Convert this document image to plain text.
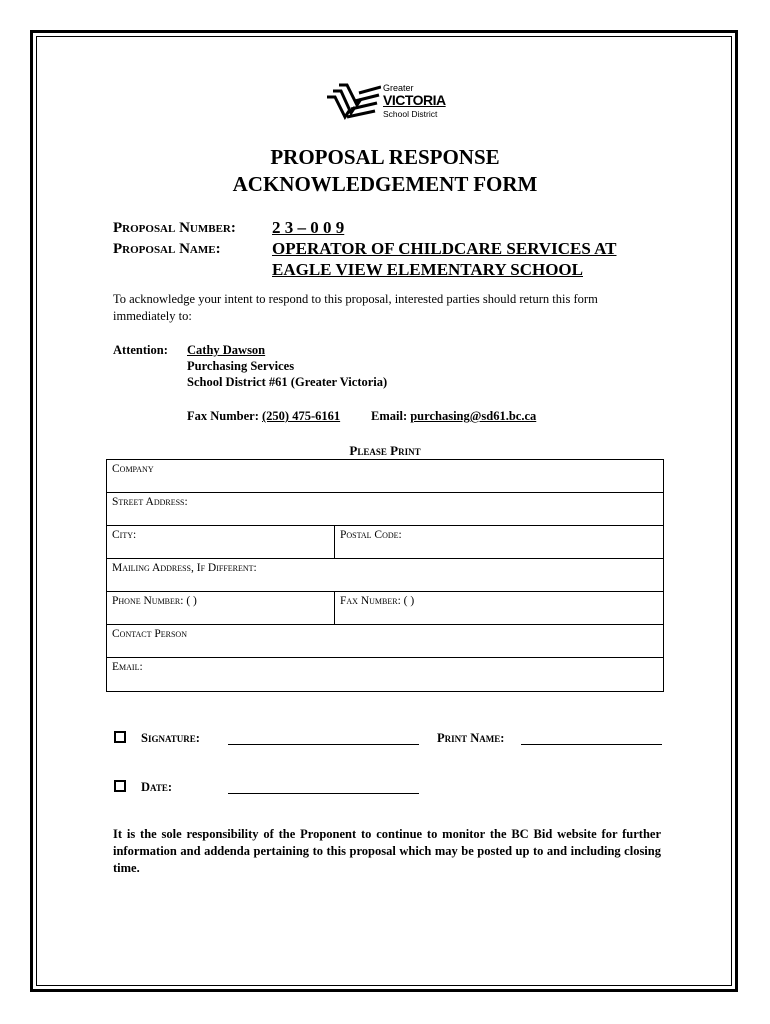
Greater
VICTORIA
School District
PROPOSAL RESPONSE
ACKNOWLEDGEMENT FORM
Proposal Number: 2 3 – 0 0 9
Proposal Name:	OPERATOR OF CHILDCARE SERVICES AT
EAGLE VIEW ELEMENTARY SCHOOL
To acknowledge your intent to respond to this proposal, interested parties should return this form immediately to:
Attention: Cathy Dawson
Purchasing Services
School District #61 (Greater Victoria)
Fax Number: (250) 475-6161 Email: purchasing@sd61.bc.ca
Please Print
Company
Street Address:
City:	Postal Code:
Mailing Address, If Different:
Phone Number: ( )	Fax Number: ( )
Contact Person
Email:
Signature:	Print Name:
Date:
It is the sole responsibility of the Proponent to continue to monitor the BC Bid website for further information and addenda pertaining to this proposal which may be posted up to and including closing time.
